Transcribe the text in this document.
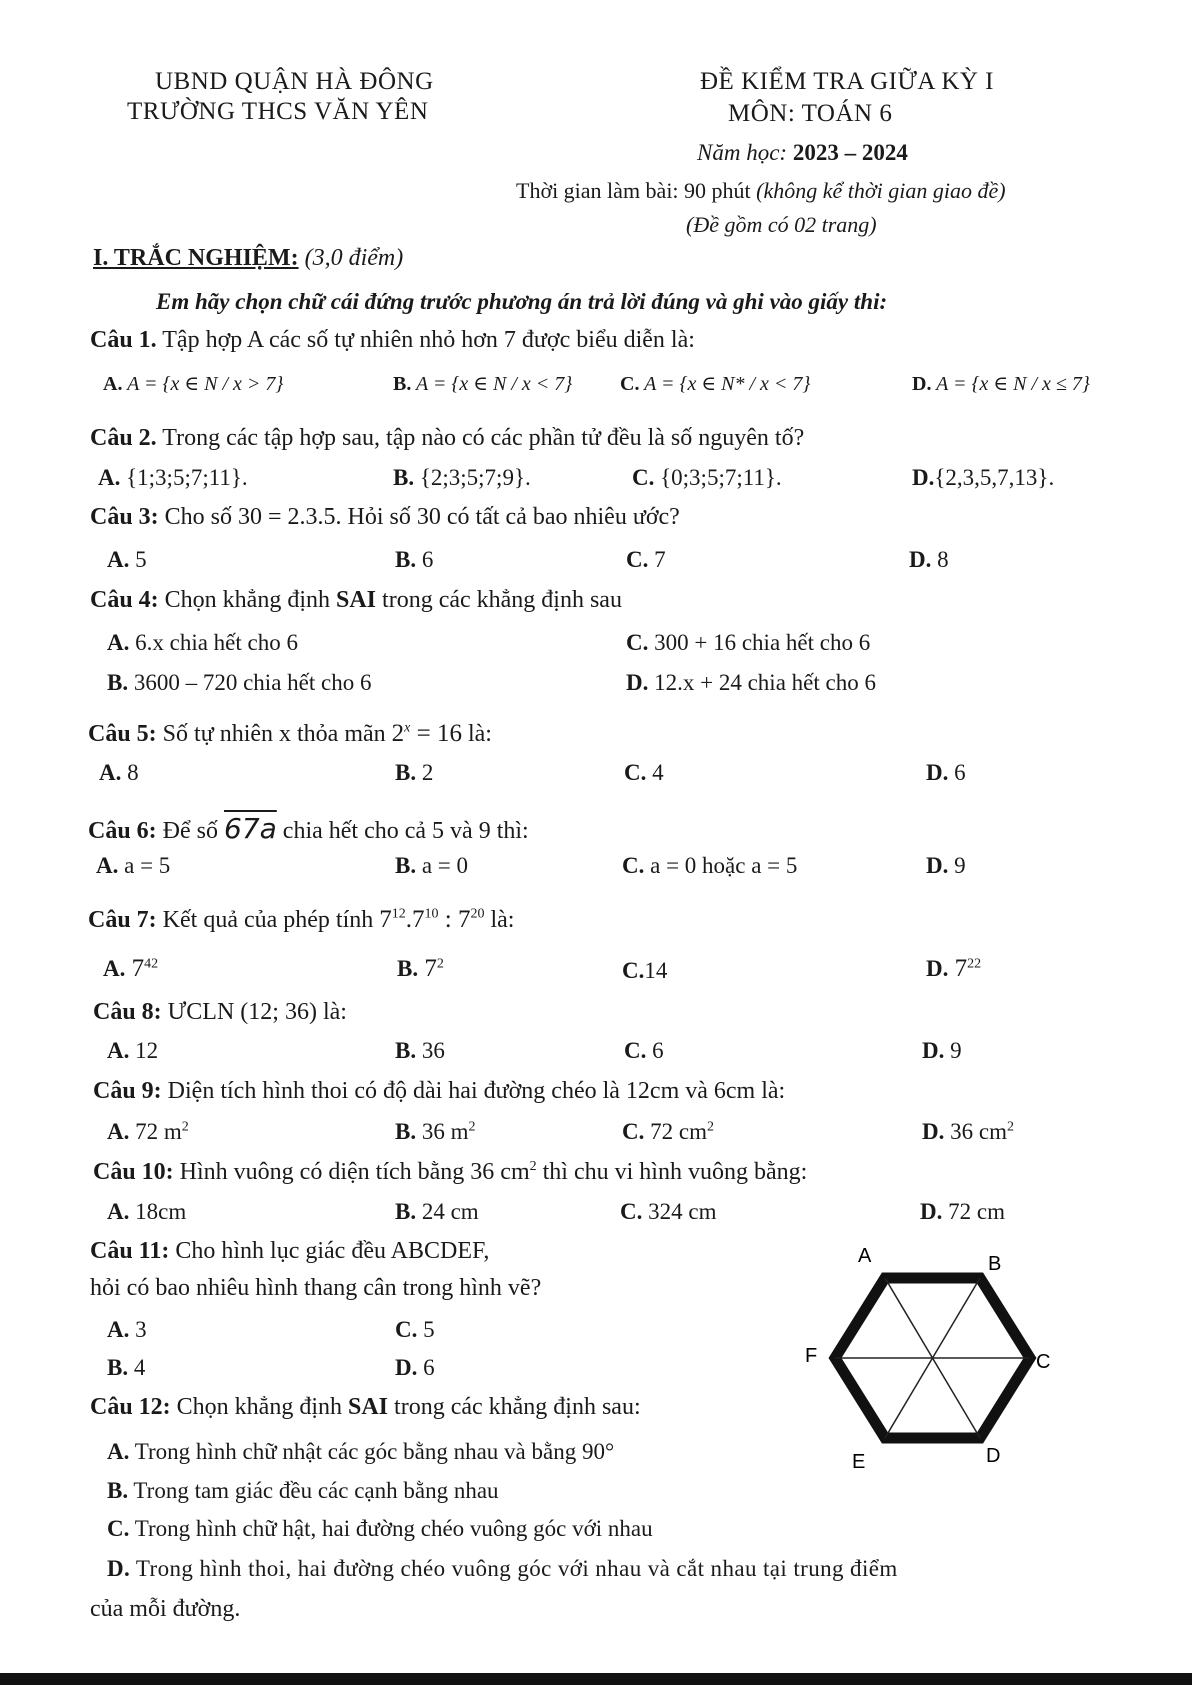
UBND QUẬN HÀ ĐÔNG
TRƯỜNG THCS VĂN YÊN
ĐỀ KIỂM TRA GIỮA KỲ I
MÔN: TOÁN 6
Năm học: 2023 – 2024
Thời gian làm bài: 90 phút (không kể thời gian giao đề)
(Đề gồm có 02 trang)
I. TRẮC NGHIỆM: (3,0 điểm)
Em hãy chọn chữ cái đứng trước phương án trả lời đúng và ghi vào giấy thi:
Câu 1. Tập hợp A các số tự nhiên nhỏ hơn 7 được biểu diễn là:
A. A = {x ∈ N / x > 7}	B. A = {x ∈ N / x < 7} C. A = {x ∈ N* / x < 7}	D. A = {x ∈ N / x ≤ 7}
Câu 2. Trong các tập hợp sau, tập nào có các phần tử đều là số nguyên tố?
A. {1;3;5;7;11}.	B. {2;3;5;7;9}.	C. {0;3;5;7;11}.	D.{2,3,5,7,13}.
Câu 3: Cho số 30 = 2.3.5. Hỏi số 30 có tất cả bao nhiêu ước?
A. 5	B. 6	C. 7	D. 8
Câu 4: Chọn khẳng định SAI trong các khẳng định sau
A. 6.x chia hết cho 6	C. 300 + 16 chia hết cho 6
B. 3600 – 720 chia hết cho 6	D. 12.x + 24 chia hết cho 6
Câu 5: Số tự nhiên x thỏa mãn $2^x = 16$ là:
A. 8	B. 2	C. 4	D. 6
Câu 6: Để số 67a chia hết cho cả 5 và 9 thì:
A. a = 5	B. a = 0	C. a = 0 hoặc a = 5	D. 9
Câu 7: Kết quả của phép tính $7^{12}.7^{10}$ : $7^{20}$ là:
A. $7^{42}$	B. $7^2$	C.14	D. $7^{22}$
Câu 8: ƯCLN (12; 36) là:
A. 12	B. 36	C. 6	D. 9
Câu 9: Diện tích hình thoi có độ dài hai đường chéo là 12cm và 6cm là:
A. 72 $m^2$	B. 36 $m^2$	C. 72 $cm^2$	D. 36 $cm^2$
Câu 10: Hình vuông có diện tích bằng 36 $cm^2$ thì chu vi hình vuông bằng:
A. 18cm	B. 24 cm	C. 324 cm	D. 72 cm
Câu 11: Cho hình lục giác đều ABCDEF,
hỏi có bao nhiêu hình thang cân trong hình vẽ?
A. 3	C. 5
B. 4	D. 6
A	B
C
D
E
F
Câu 12: Chọn khẳng định SAI trong các khẳng định sau:
A. Trong hình chữ nhật các góc bằng nhau và bằng 90°
B. Trong tam giác đều các cạnh bằng nhau
C. Trong hình chữ hật, hai đường chéo vuông góc với nhau
D. Trong hình thoi, hai đường chéo vuông góc với nhau và cắt nhau tại trung điểm
của mỗi đường.
